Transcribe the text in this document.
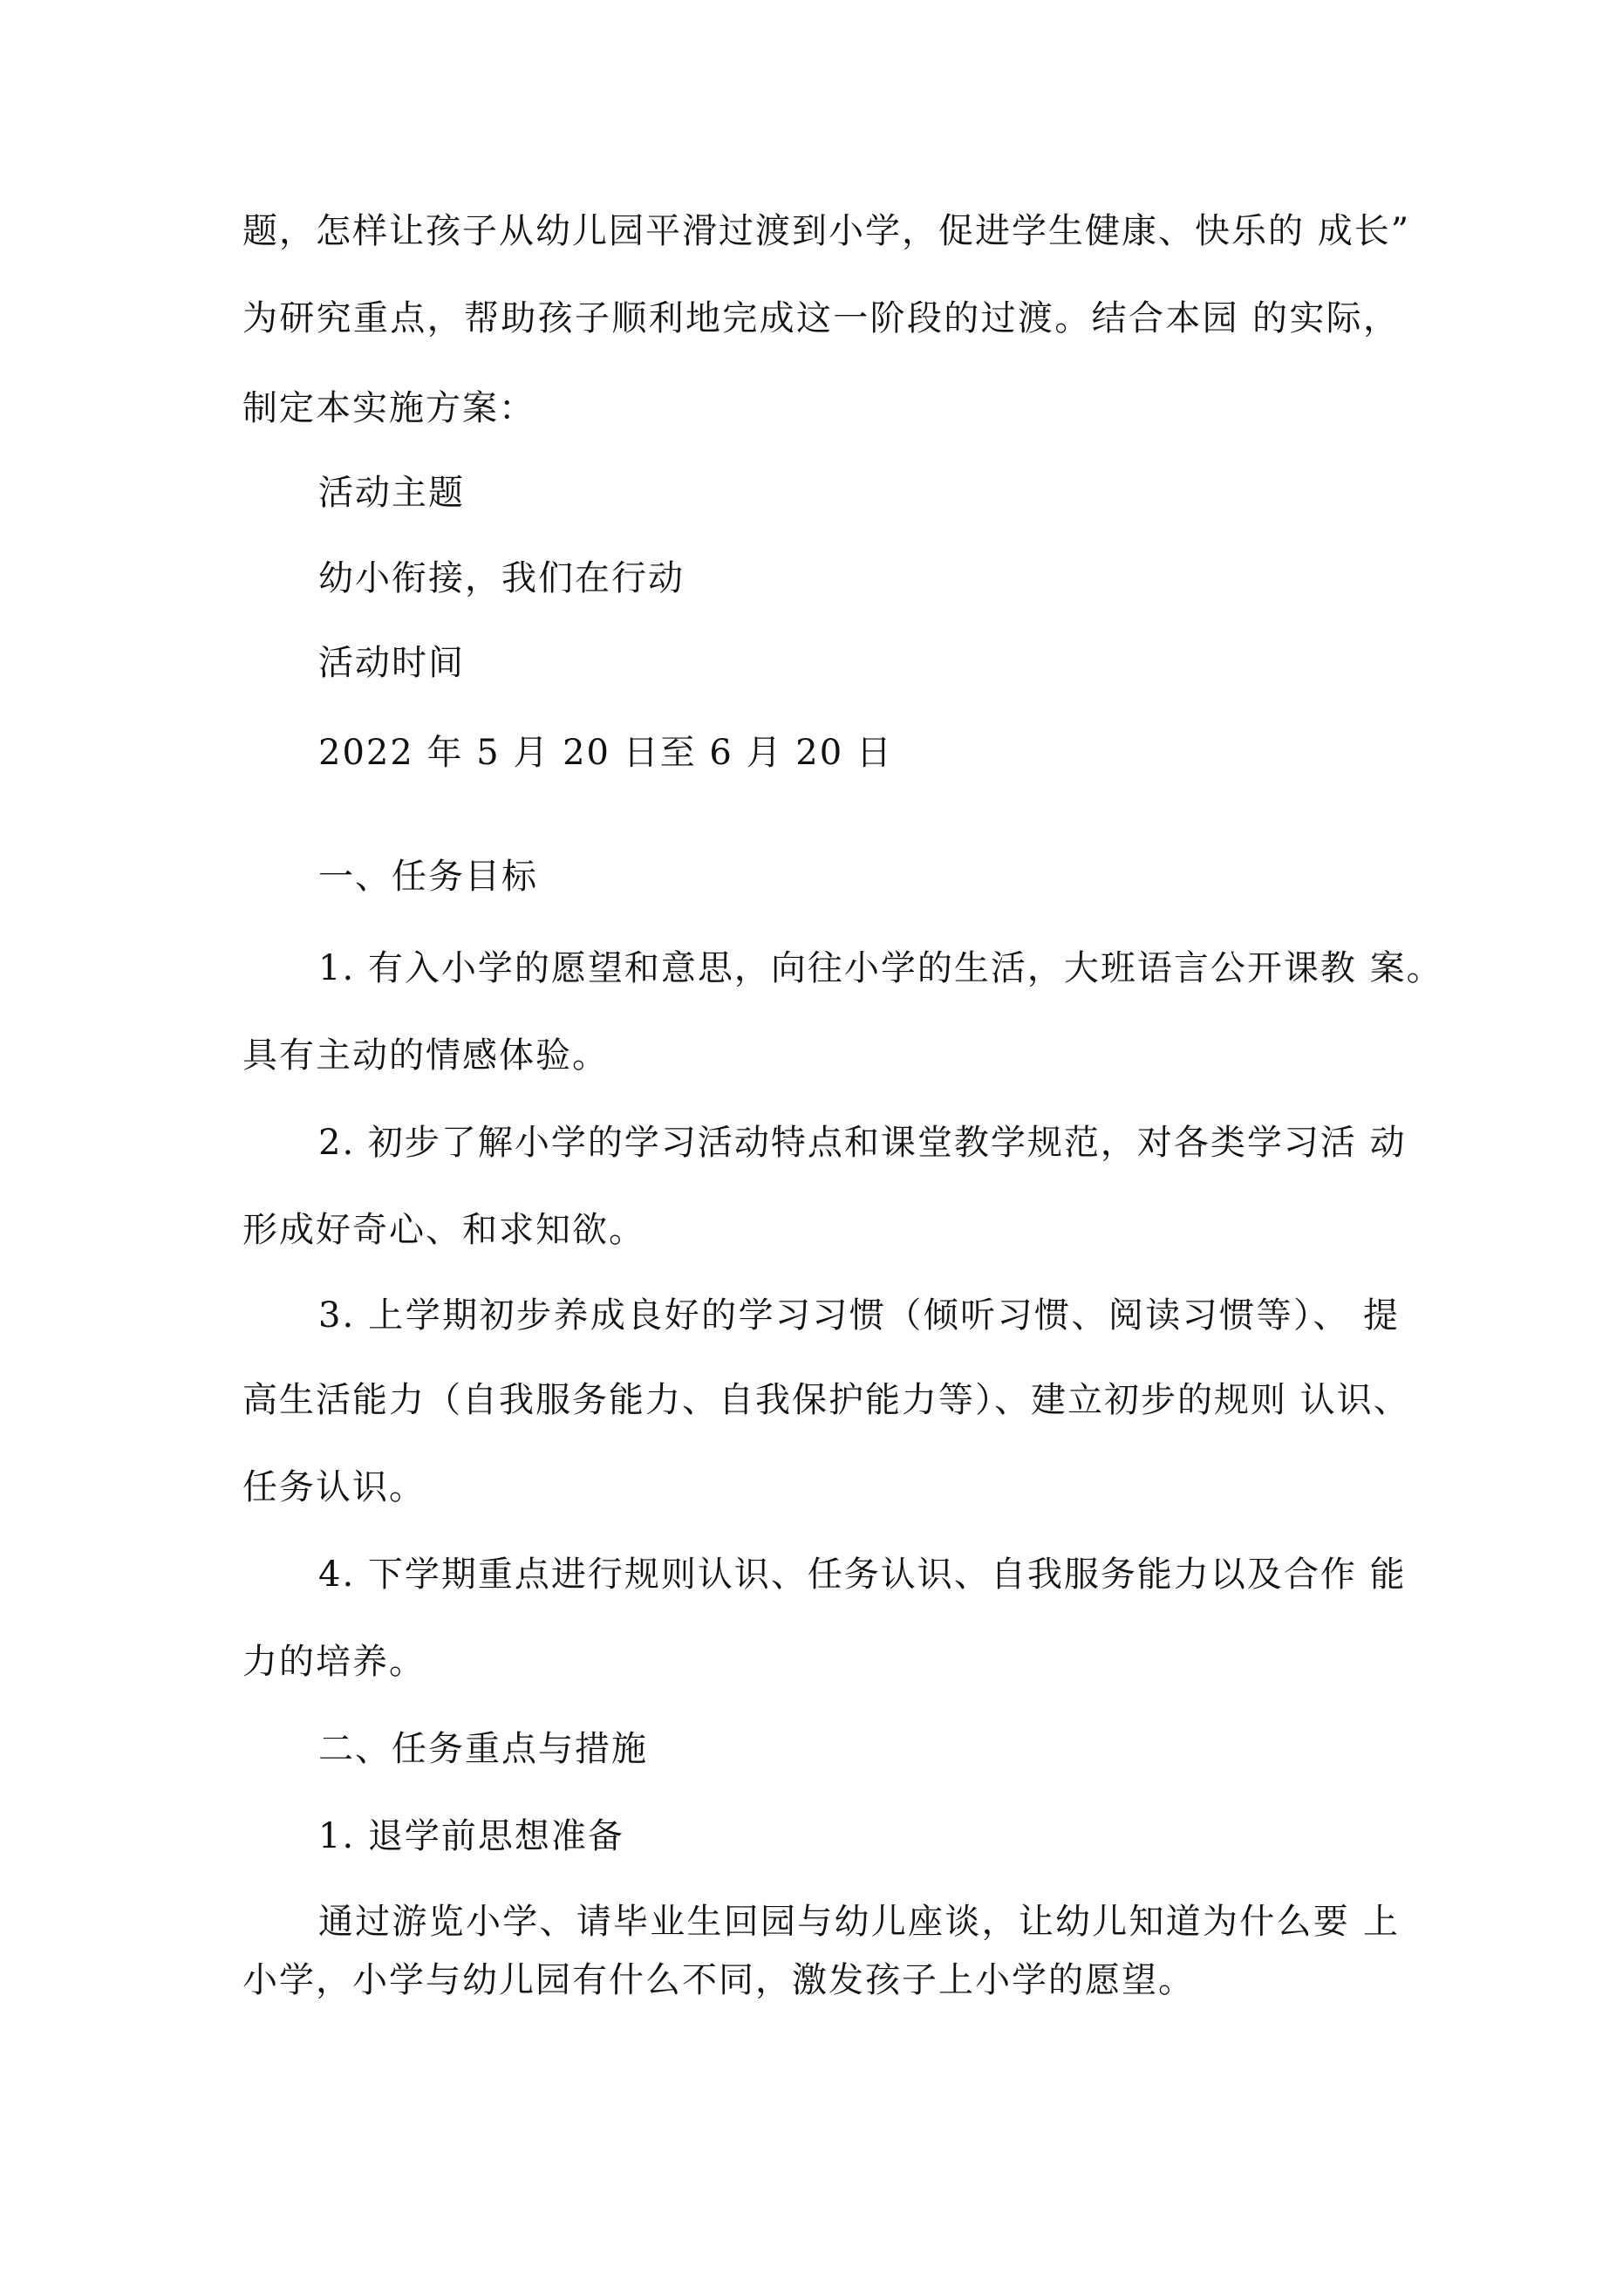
题，怎样让孩子从幼儿园平滑过渡到小学，促进学生健康、快乐的 成长”
为研究重点，帮助孩子顺利地完成这一阶段的过渡。结合本园 的实际，
制定本实施方案：
活动主题
幼小衔接，我们在行动
活动时间
2022 年 5 月 20 日至 6 月 20 日
一、任务目标
1. 有入小学的愿望和意思，向往小学的生活，大班语言公开课教 案。
具有主动的情感体验。
2. 初步了解小学的学习活动特点和课堂教学规范，对各类学习活 动
形成好奇心、和求知欲。
3. 上学期初步养成良好的学习习惯（倾听习惯、阅读习惯等）、 提
高生活能力（自我服务能力、自我保护能力等）、建立初步的规则 认识、
任务认识。
4. 下学期重点进行规则认识、任务认识、自我服务能力以及合作 能
力的培养。
二、任务重点与措施
1. 退学前思想准备
通过游览小学、请毕业生回园与幼儿座谈，让幼儿知道为什么要 上
小学，小学与幼儿园有什么不同，激发孩子上小学的愿望。
